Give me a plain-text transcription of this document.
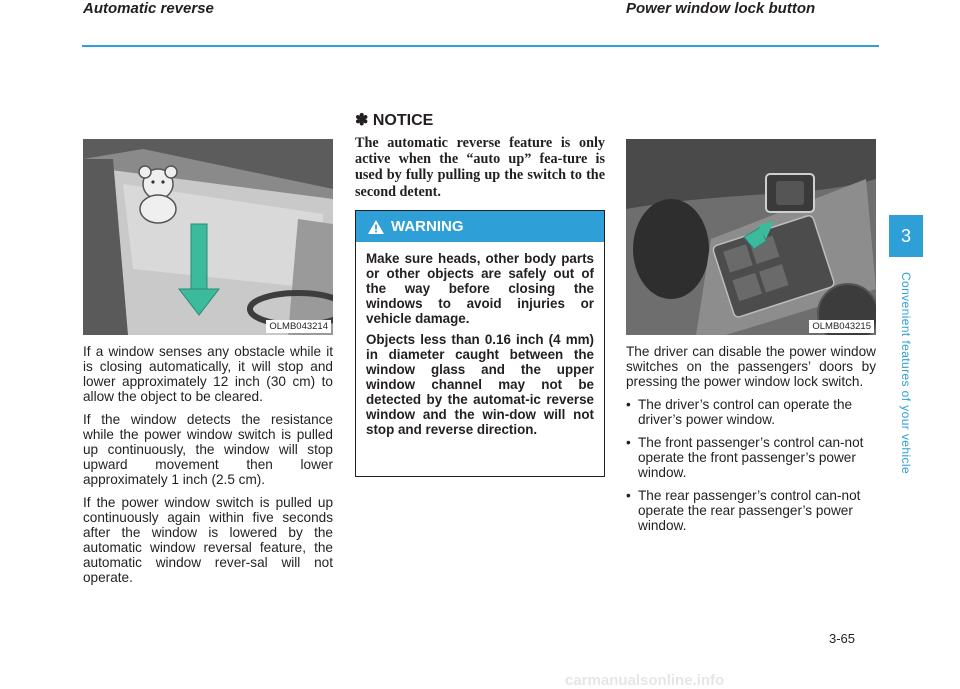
Automatic reverse
OLMB043214

If a window senses any obstacle while it is closing automatically, it will stop and lower approximately 12 inch (30 cm) to allow the object to be cleared.

If the window detects the resistance while the power window switch is pulled up continuously, the window will stop upward movement then lower approximately 1 inch (2.5 cm).

If the power window switch is pulled up continuously again within five seconds after the window is lowered by the automatic window reversal feature, the automatic window rever-sal will not operate.

✽ NOTICE
The automatic reverse feature is only active when the “auto up” fea-ture is used by fully pulling up the switch to the second detent.
WARNING

Make sure heads, other body parts or other objects are safely out of the way before closing the windows to avoid injuries or vehicle damage.

Objects less than 0.16 inch (4 mm) in diameter caught between the window glass and the upper window channel may not be detected by the automat-ic reverse window and the win-dow will not stop and reverse direction.

Power window lock button
OLMB043215

The driver can disable the power window switches on the passengers’ doors by pressing the power window lock switch.

• The driver’s control can operate the driver’s power window.
• The front passenger’s control can-not operate the front passenger’s power window.
• The rear passenger’s control can-not operate the rear passenger’s power window.
3
Convenient features of your vehicle
3-65
carmanualsonline.info
